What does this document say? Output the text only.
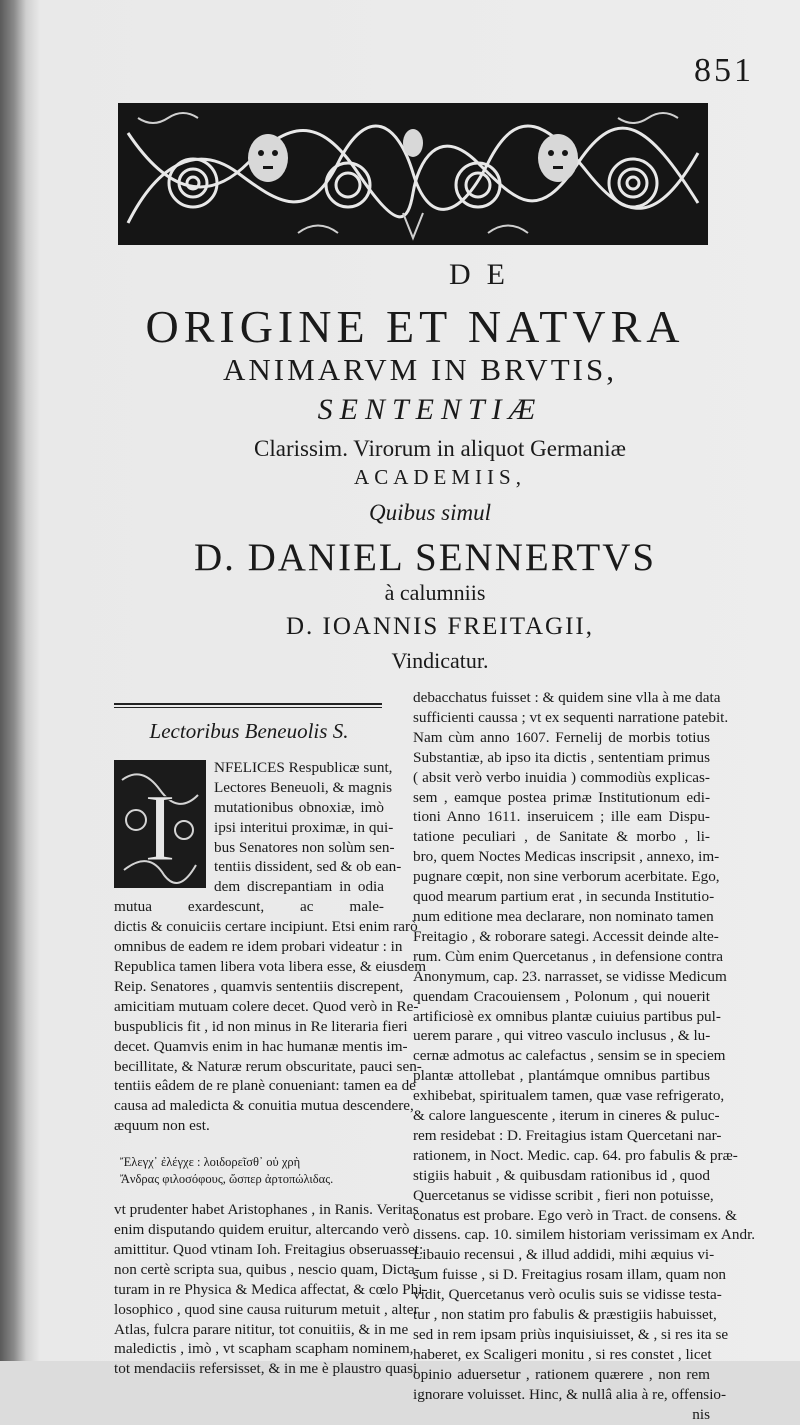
851
DE
ORIGINE ET NATVRA
ANIMARVM IN BRVTIS,
SENTENTIÆ
Clarissim. Virorum in aliquot Germaniæ
ACADEMIIS,
Quibus simul
D. DANIEL SENNERTVS
à calumniis
D. IOANNIS FREITAGII,
Vindicatur.
Lectoribus Beneuolis S.
I
NFELICES Respublicæ sunt,
Lectores Beneuoli, & magnis
mutationibus obnoxiæ, imò
ipsi interitui proximæ, in qui-
bus Senatores non solùm sen-
tentiis dissident, sed & ob ean-
dem discrepantiam in odia
mutua exardescunt, ac male-
dictis & conuiciis certare incipiunt. Etsi enim rarò
omnibus de eadem re idem probari videatur : in
Republica tamen libera vota libera esse, & eiusdem
Reip. Senatores , quamvis sententiis discrepent,
amicitiam mutuam colere decet. Quod verò in Re-
buspublicis fit , id non minus in Re literaria fieri
decet. Quamvis enim in hac humanæ mentis im-
becillitate, & Naturæ rerum obscuritate, pauci sen-
tentiis eâdem de re planè conueniant: tamen ea de
causa ad maledicta & conuitia mutua descendere,
æquum non est.
Ἔλεγχ᾽ ἐλέγχε : λοιδορεῖσθ᾽ οὐ χρὴ
Ἄνδρας φιλοσόφους, ὥσπερ ἀρτοπώλιδας.
vt prudenter habet Aristophanes , in Ranis. Veritas
enim disputando quidem eruitur, altercando verò
amittitur. Quod vtinam Ioh. Freitagius obseruasset:
non certè scripta sua, quibus , nescio quam, Dicta-
turam in re Physica & Medica affectat, & cœlo Phi-
losophico , quod sine causa ruiturum metuit , alter
Atlas, fulcra parare nititur, tot conuitiis, & in me
maledictis , imò , vt scapham scapham nominem,
tot mendaciis refersisset, & in me è plaustro quasi
debacchatus fuisset : & quidem sine vlla à me data
sufficienti caussa ; vt ex sequenti narratione patebit.
Nam cùm anno 1607. Fernelij de morbis totius
Substantiæ, ab ipso ita dictis , sententiam primus
( absit verò verbo inuidia ) commodiùs explicas-
sem , eamque postea primæ Institutionum edi-
tioni Anno 1611. inseruicem ; ille eam Dispu-
tatione peculiari , de Sanitate & morbo , li-
bro, quem Noctes Medicas inscripsit , annexo, im-
pugnare cœpit, non sine verborum acerbitate. Ego,
quod mearum partium erat , in secunda Institutio-
num editione mea declarare, non nominato tamen
Freitagio , & roborare sategi. Accessit deinde alte-
rum. Cùm enim Quercetanus , in defensione contra
Anonymum, cap. 23. narrasset, se vidisse Medicum
quendam Cracouiensem , Polonum , qui nouerit
artificiosè ex omnibus plantæ cuiuius partibus pul-
uerem parare , qui vitreo vasculo inclusus , & lu-
cernæ admotus ac calefactus , sensim se in speciem
plantæ attollebat , plantámque omnibus partibus
exhibebat, spiritualem tamen, quæ vase refrigerato,
& calore languescente , iterum in cineres & puluc-
rem residebat : D. Freitagius istam Quercetani nar-
rationem, in Noct. Medic. cap. 64. pro fabulis & præ-
stigiis habuit , & quibusdam rationibus id , quod
Quercetanus se vidisse scribit , fieri non potuisse,
conatus est probare. Ego verò in Tract. de consens. &
dissens. cap. 10. similem historiam verissimam ex Andr.
Libauio recensui , & illud addidi, mihi æquius vi-
sum fuisse , si D. Freitagius rosam illam, quam non
vidit, Quercetanus verò oculis suis se vidisse testa-
tur , non statim pro fabulis & præstigiis habuisset,
sed in rem ipsam priùs inquisiuisset, & , si res ita se
haberet, ex Scaligeri monitu , si res constet , licet
opinio aduersetur , rationem quærere , non rem
ignorare voluisset. Hinc, & nullâ alia à re, offensio-
nis
